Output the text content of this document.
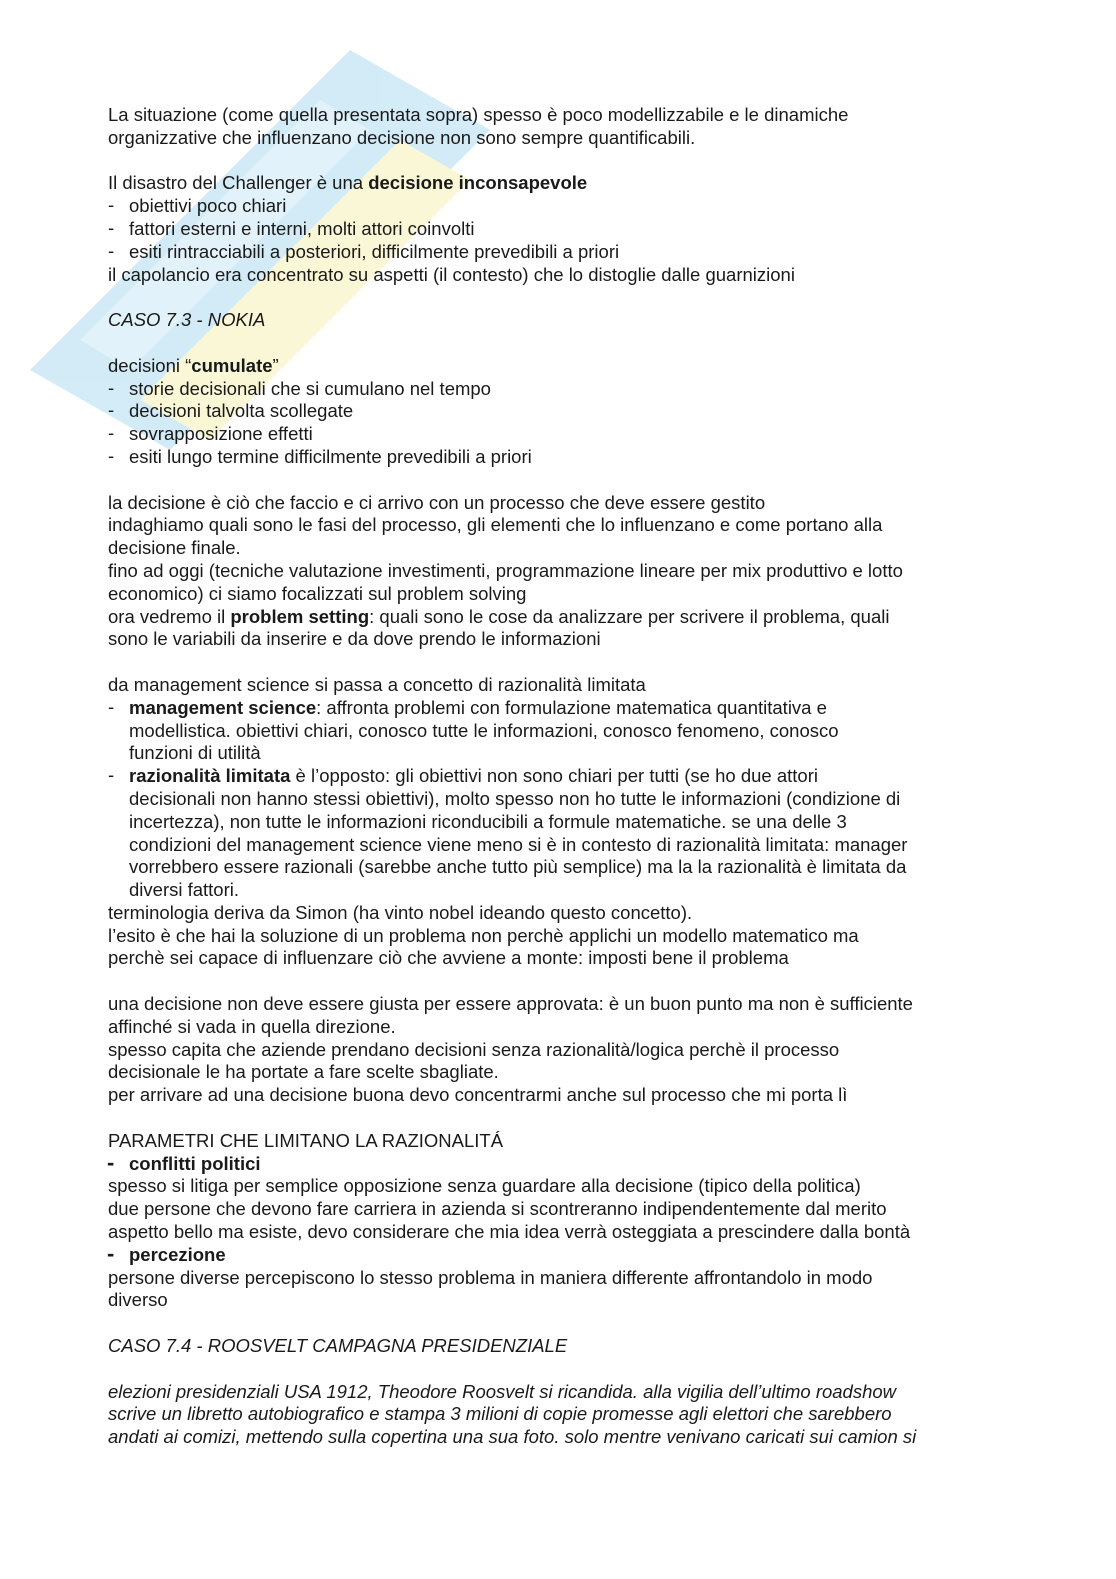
La situazione (come quella presentata sopra) spesso è poco modellizzabile e le dinamiche

organizzative che influenzano decisione non sono sempre quantificabili.

Il disastro del Challenger è una decisione inconsapevole

- obiettivi poco chiari
- fattori esterni e interni, molti attori coinvolti
- esiti rintracciabili a posteriori, difficilmente prevedibili a priori

il capolancio era concentrato su aspetti (il contesto) che lo distoglie dalle guarnizioni

CASO 7.3 - NOKIA

decisioni “cumulate”

- storie decisionali che si cumulano nel tempo
- decisioni talvolta scollegate
- sovrapposizione effetti
- esiti lungo termine difficilmente prevedibili a priori

la decisione è ciò che faccio e ci arrivo con un processo che deve essere gestito

indaghiamo quali sono le fasi del processo, gli elementi che lo influenzano e come portano alla

decisione finale.

fino ad oggi (tecniche valutazione investimenti, programmazione lineare per mix produttivo e lotto

economico) ci siamo focalizzati sul problem solving

ora vedremo il problem setting: quali sono le cose da analizzare per scrivere il problema, quali

sono le variabili da inserire e da dove prendo le informazioni

da management science si passa a concetto di razionalità limitata

- management science: affronta problemi con formulazione matematica quantitativa e
modellistica. obiettivi chiari, conosco tutte le informazioni, conosco fenomeno, conosco
funzioni di utilità
- razionalità limitata è l’opposto: gli obiettivi non sono chiari per tutti (se ho due attori
decisionali non hanno stessi obiettivi), molto spesso non ho tutte le informazioni (condizione di
incertezza), non tutte le informazioni riconducibili a formule matematiche. se una delle 3
condizioni del management science viene meno si è in contesto di razionalità limitata: manager
vorrebbero essere razionali (sarebbe anche tutto più semplice) ma la la razionalità è limitata da
diversi fattori.

terminologia deriva da Simon (ha vinto nobel ideando questo concetto).

l’esito è che hai la soluzione di un problema non perchè applichi un modello matematico ma

perchè sei capace di influenzare ciò che avviene a monte: imposti bene il problema

una decisione non deve essere giusta per essere approvata: è un buon punto ma non è sufficiente

affinché si vada in quella direzione.

spesso capita che aziende prendano decisioni senza razionalità/logica perchè il processo

decisionale le ha portate a fare scelte sbagliate.

per arrivare ad una decisione buona devo concentrarmi anche sul processo che mi porta lì

PARAMETRI CHE LIMITANO LA RAZIONALITÁ

- conflitti politici

spesso si litiga per semplice opposizione senza guardare alla decisione (tipico della politica)

due persone che devono fare carriera in azienda si scontreranno indipendentemente dal merito

aspetto bello ma esiste, devo considerare che mia idea verrà osteggiata a prescindere dalla bontà

- percezione

persone diverse percepiscono lo stesso problema in maniera differente affrontandolo in modo

diverso

CASO 7.4 - ROOSVELT CAMPAGNA PRESIDENZIALE

elezioni presidenziali USA 1912, Theodore Roosvelt si ricandida. alla vigilia dell’ultimo roadshow

scrive un libretto autobiografico e stampa 3 milioni di copie promesse agli elettori che sarebbero

andati ai comizi, mettendo sulla copertina una sua foto. solo mentre venivano caricati sui camion si
